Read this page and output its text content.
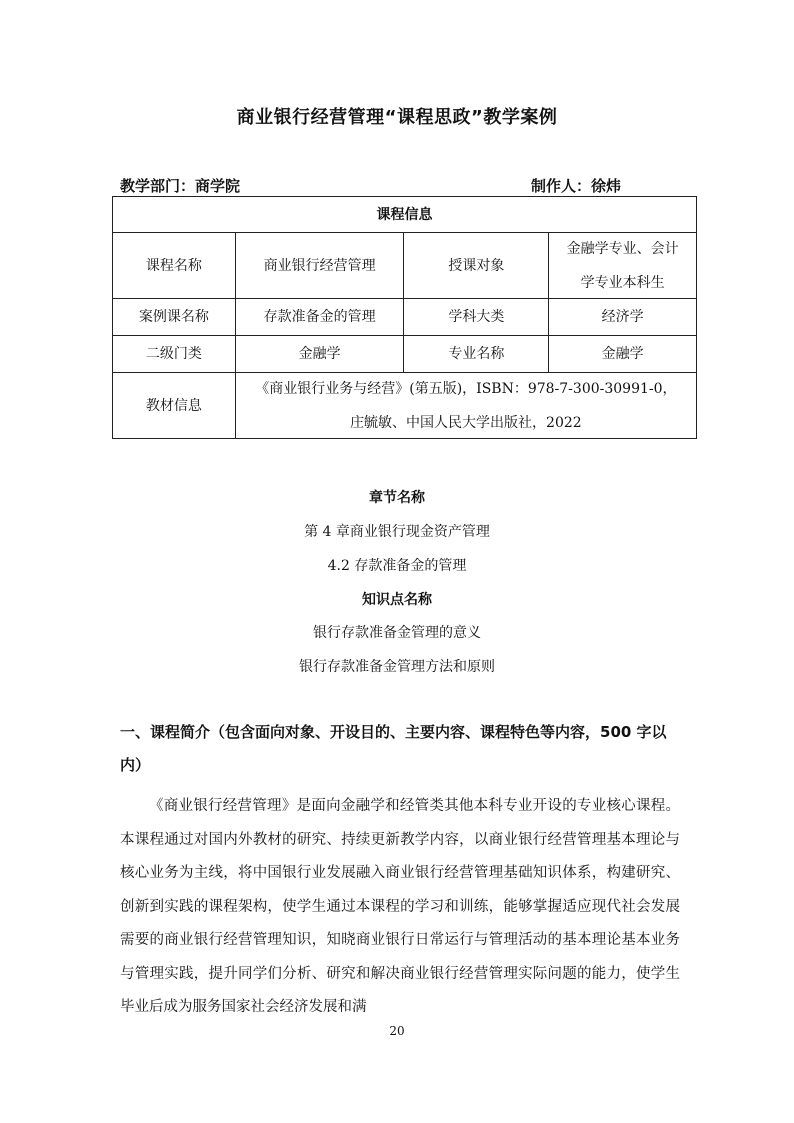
商业银行经营管理“课程思政”教学案例
教学部门：商学院	制作人：徐炜
课程信息			
课程名称	商业银行经营管理	授课对象	金融学专业、会计
学专业本科生

案例课名称	存款准备金的管理	学科大类	经济学
二级门类	金融学	专业名称	金融学
教材信息	《商业银行业务与经营》(第五版)，ISBN：978-7-300-30991-0，
庄毓敏、中国人民大学出版社，2022		
章节名称
第 4 章商业银行现金资产管理
4.2 存款准备金的管理
知识点名称
银行存款准备金管理的意义
银行存款准备金管理方法和原则
一、课程简介（包含面向对象、开设目的、主要内容、课程特色等内容，500 字以内）
《商业银行经营管理》是面向金融学和经管类其他本科专业开设的专业核心课程。本课程通过对国内外教材的研究、持续更新教学内容，以商业银行经营管理基本理论与核心业务为主线，将中国银行业发展融入商业银行经营管理基础知识体系，构建研究、创新到实践的课程架构，使学生通过本课程的学习和训练，能够掌握适应现代社会发展需要的商业银行经营管理知识，知晓商业银行日常运行与管理活动的基本理论基本业务与管理实践，提升同学们分析、研究和解决商业银行经营管理实际问题的能力，使学生毕业后成为服务国家社会经济发展和满
20
